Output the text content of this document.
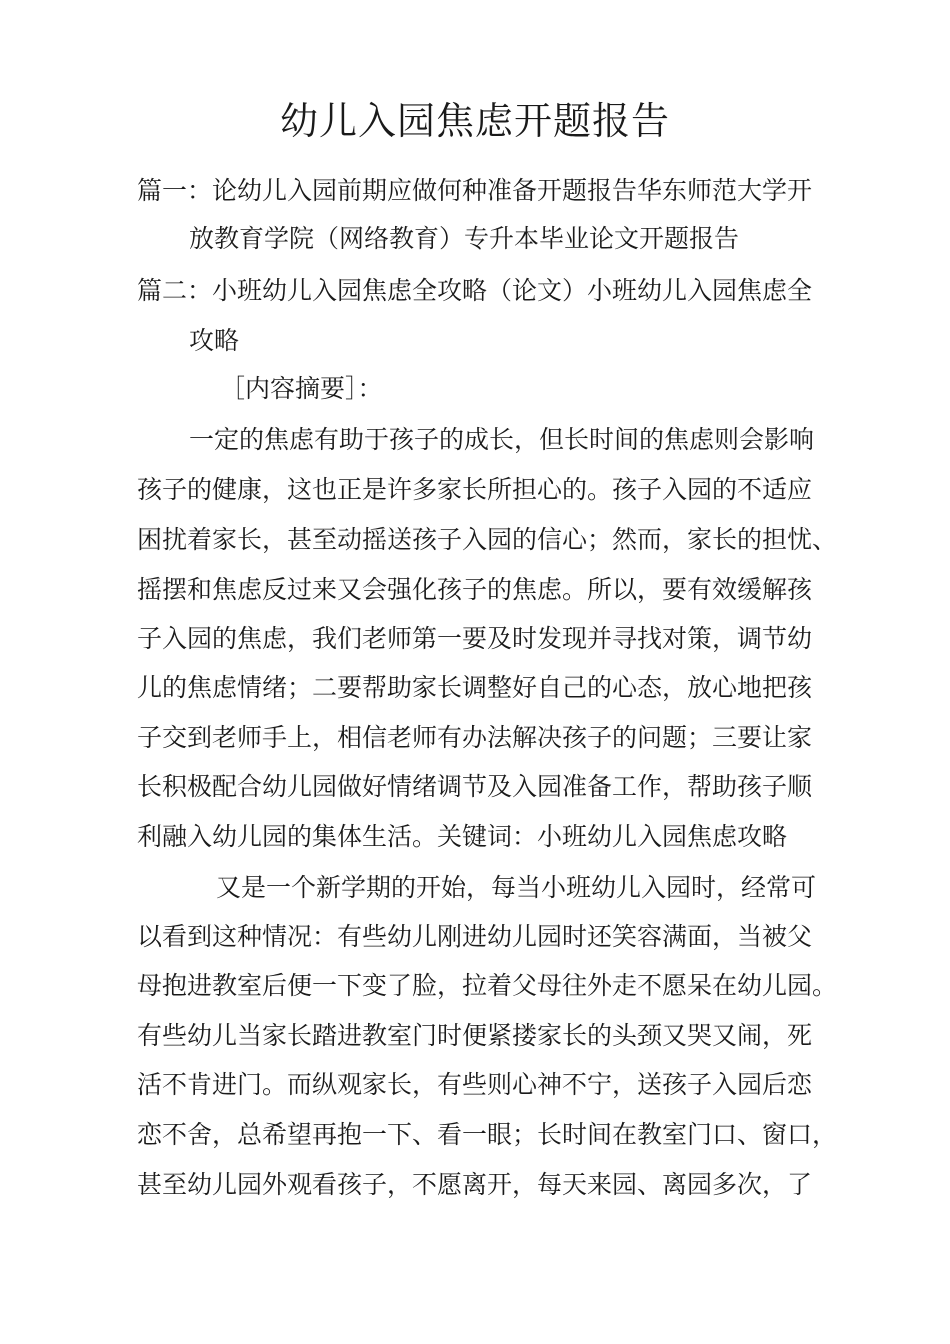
幼儿入园焦虑开题报告

篇一：论幼儿入园前期应做何种准备开题报告华东师范大学开

放教育学院（网络教育）专升本毕业论文开题报告

篇二：小班幼儿入园焦虑全攻略（论文）小班幼儿入园焦虑全

攻略

［内容摘要］：

一定的焦虑有助于孩子的成长，但长时间的焦虑则会影响

孩子的健康，这也正是许多家长所担心的。孩子入园的不适应

困扰着家长，甚至动摇送孩子入园的信心；然而，家长的担忧、

摇摆和焦虑反过来又会强化孩子的焦虑。所以，要有效缓解孩

子入园的焦虑，我们老师第一要及时发现并寻找对策，调节幼

儿的焦虑情绪；二要帮助家长调整好自己的心态，放心地把孩

子交到老师手上，相信老师有办法解决孩子的问题；三要让家

长积极配合幼儿园做好情绪调节及入园准备工作，帮助孩子顺

利融入幼儿园的集体生活。关键词：小班幼儿入园焦虑攻略

又是一个新学期的开始，每当小班幼儿入园时，经常可

以看到这种情况：有些幼儿刚进幼儿园时还笑容满面，当被父

母抱进教室后便一下变了脸，拉着父母往外走不愿呆在幼儿园。

有些幼儿当家长踏进教室门时便紧搂家长的头颈又哭又闹，死

活不肯进门。而纵观家长，有些则心神不宁，送孩子入园后恋

恋不舍，总希望再抱一下、看一眼；长时间在教室门口、窗口，

甚至幼儿园外观看孩子，不愿离开，每天来园、离园多次，了
